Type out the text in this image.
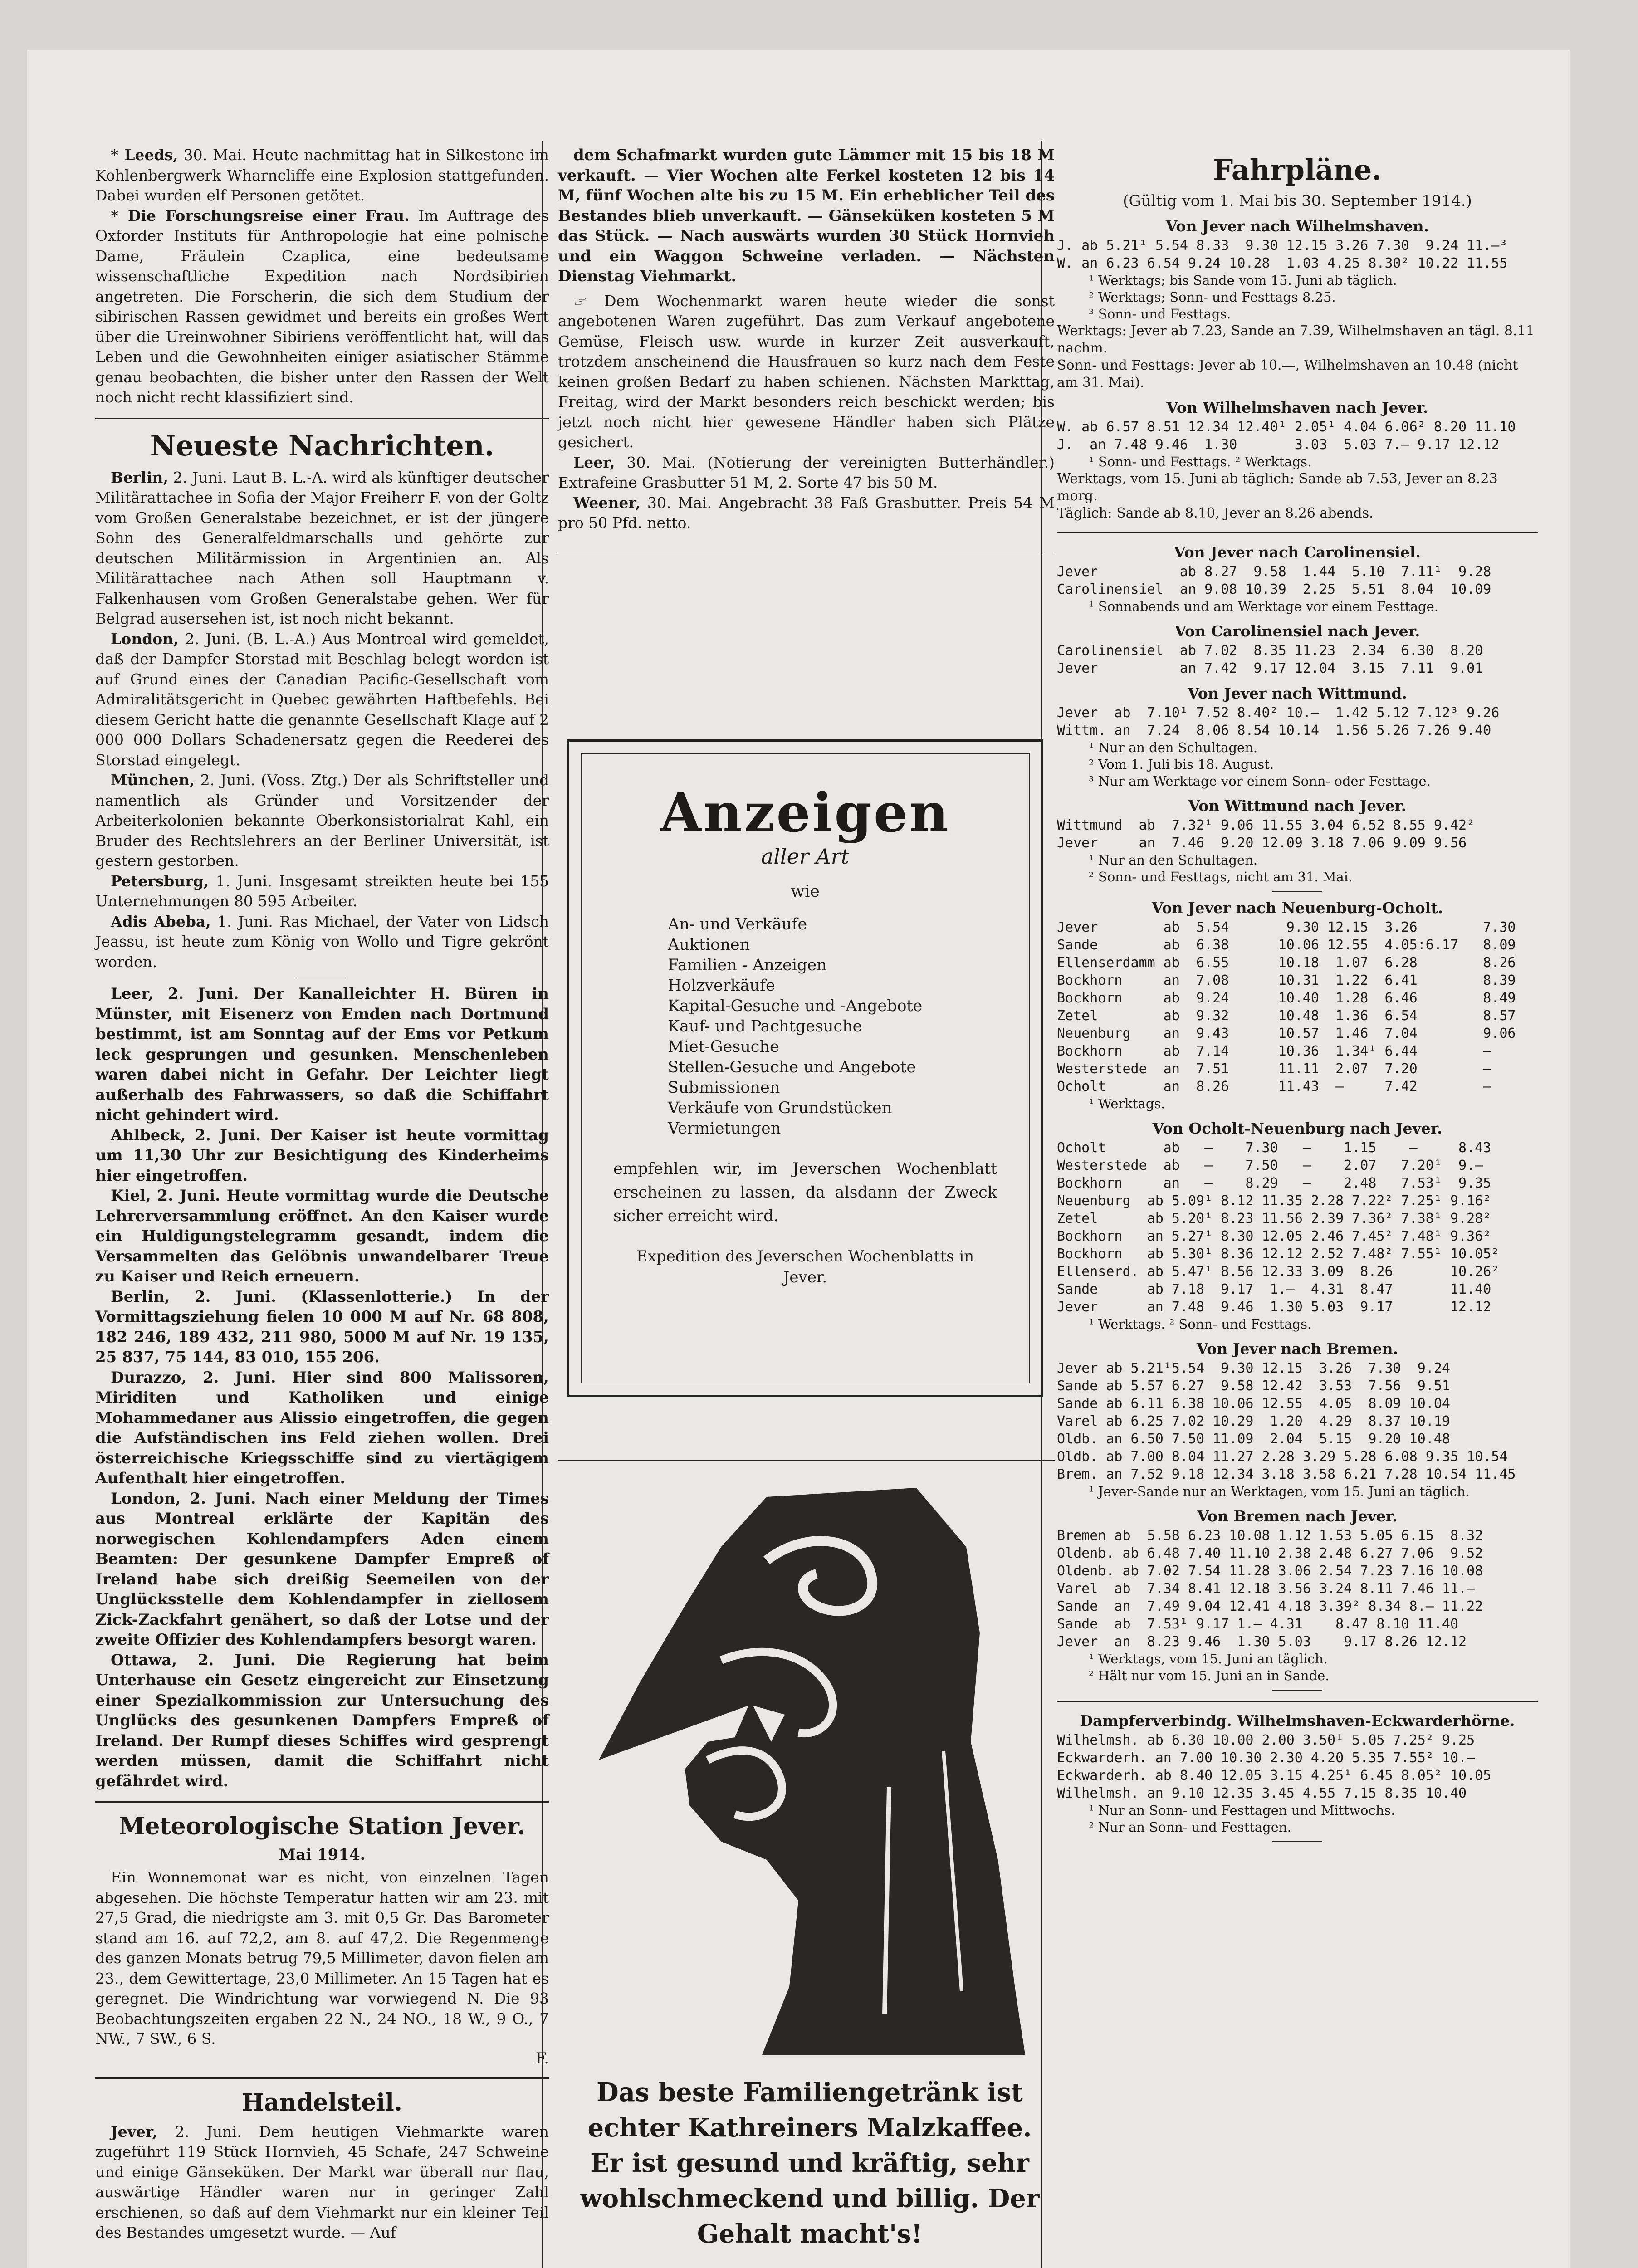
* Leeds, 30. Mai. Heute nachmittag hat in Silkestone im Kohlenbergwerk Wharncliffe eine Explosion stattgefunden. Dabei wurden elf Personen getötet.

* Die Forschungsreise einer Frau. Im Auftrage des Oxforder Instituts für Anthropologie hat eine polnische Dame, Fräulein Czaplica, eine bedeutsame wissenschaftliche Expedition nach Nordsibirien angetreten. Die Forscherin, die sich dem Studium der sibirischen Rassen gewidmet und bereits ein großes Wert über die Ureinwohner Sibiriens veröffentlicht hat, will das Leben und die Gewohnheiten einiger asiatischer Stämme genau beobachten, die bisher unter den Rassen der Welt noch nicht recht klassifiziert sind.

Neueste Nachrichten.

Berlin, 2. Juni. Laut B. L.-A. wird als künftiger deutscher Militärattachee in Sofia der Major Freiherr F. von der Goltz vom Großen Generalstabe bezeichnet, er ist der jüngere Sohn des Generalfeldmarschalls und gehörte zur deutschen Militärmission in Argentinien an. Als Militärattachee nach Athen soll Hauptmann v. Falkenhausen vom Großen Generalstabe gehen. Wer für Belgrad ausersehen ist, ist noch nicht bekannt.

London, 2. Juni. (B. L.-A.) Aus Montreal wird gemeldet, daß der Dampfer Storstad mit Beschlag belegt worden ist auf Grund eines der Canadian Pacific-Gesellschaft vom Admiralitätsgericht in Quebec gewährten Haftbefehls. Bei diesem Gericht hatte die genannte Gesellschaft Klage auf 2 000 000 Dollars Schadenersatz gegen die Reederei des Storstad eingelegt.

München, 2. Juni. (Voss. Ztg.) Der als Schriftsteller und namentlich als Gründer und Vorsitzender der Arbeiterkolonien bekannte Oberkonsistorialrat Kahl, ein Bruder des Rechtslehrers an der Berliner Universität, ist gestern gestorben.

Petersburg, 1. Juni. Insgesamt streikten heute bei 155 Unternehmungen 80 595 Arbeiter.

Adis Abeba, 1. Juni. Ras Michael, der Vater von Lidsch Jeassu, ist heute zum König von Wollo und Tigre gekrönt worden.

Leer, 2. Juni. Der Kanalleichter H. Büren in Münster, mit Eisenerz von Emden nach Dortmund bestimmt, ist am Sonntag auf der Ems vor Petkum leck gesprungen und gesunken. Menschenleben waren dabei nicht in Gefahr. Der Leichter liegt außerhalb des Fahrwassers, so daß die Schiffahrt nicht gehindert wird.

Ahlbeck, 2. Juni. Der Kaiser ist heute vormittag um 11,30 Uhr zur Besichtigung des Kinderheims hier eingetroffen.

Kiel, 2. Juni. Heute vormittag wurde die Deutsche Lehrerversammlung eröffnet. An den Kaiser wurde ein Huldigungstelegramm gesandt, indem die Versammelten das Gelöbnis unwandelbarer Treue zu Kaiser und Reich erneuern.

Berlin, 2. Juni. (Klassenlotterie.) In der Vormittagsziehung fielen 10 000 M auf Nr. 68 808, 182 246, 189 432, 211 980, 5000 M auf Nr. 19 135, 25 837, 75 144, 83 010, 155 206.

Durazzo, 2. Juni. Hier sind 800 Malissoren, Miriditen und Katholiken und einige Mohammedaner aus Alissio eingetroffen, die gegen die Aufständischen ins Feld ziehen wollen. Drei österreichische Kriegsschiffe sind zu viertägigem Aufenthalt hier eingetroffen.

London, 2. Juni. Nach einer Meldung der Times aus Montreal erklärte der Kapitän des norwegischen Kohlendampfers Aden einem Beamten: Der gesunkene Dampfer Empreß of Ireland habe sich dreißig Seemeilen von der Unglücksstelle dem Kohlendampfer in ziellosem Zick-Zackfahrt genähert, so daß der Lotse und der zweite Offizier des Kohlendampfers besorgt waren.

Ottawa, 2. Juni. Die Regierung hat beim Unterhause ein Gesetz eingereicht zur Einsetzung einer Spezialkommission zur Untersuchung des Unglücks des gesunkenen Dampfers Empreß of Ireland. Der Rumpf dieses Schiffes wird gesprengt werden müssen, damit die Schiffahrt nicht gefährdet wird.

Meteorologische Station Jever.
Mai 1914.

Ein Wonnemonat war es nicht, von einzelnen Tagen abgesehen. Die höchste Temperatur hatten wir am 23. mit 27,5 Grad, die niedrigste am 3. mit 0,5 Gr. Das Barometer stand am 16. auf 72,2, am 8. auf 47,2. Die Regenmenge des ganzen Monats betrug 79,5 Millimeter, davon fielen am 23., dem Gewittertage, 23,0 Millimeter. An 15 Tagen hat es geregnet. Die Windrichtung war vorwiegend N. Die 93 Beobachtungszeiten ergaben 22 N., 24 NO., 18 W., 9 O., 7 NW., 7 SW., 6 S.

F.

Handelsteil.

Jever, 2. Juni. Dem heutigen Viehmarkte waren zugeführt 119 Stück Hornvieh, 45 Schafe, 247 Schweine und einige Gänseküken. Der Markt war überall nur flau, auswärtige Händler waren nur in geringer Zahl erschienen, so daß auf dem Viehmarkt nur ein kleiner Teil des Bestandes umgesetzt wurde. — Auf

dem Schafmarkt wurden gute Lämmer mit 15 bis 18 M verkauft. — Vier Wochen alte Ferkel kosteten 12 bis 14 M, fünf Wochen alte bis zu 15 M. Ein erheblicher Teil des Bestandes blieb unverkauft. — Gänseküken kosteten 5 M das Stück. — Nach auswärts wurden 30 Stück Hornvieh und ein Waggon Schweine verladen. — Nächsten Dienstag Viehmarkt.

☞ Dem Wochenmarkt waren heute wieder die sonst angebotenen Waren zugeführt. Das zum Verkauf angebotene Gemüse, Fleisch usw. wurde in kurzer Zeit ausverkauft, trotzdem anscheinend die Hausfrauen so kurz nach dem Feste keinen großen Bedarf zu haben schienen. Nächsten Markttag, Freitag, wird der Markt besonders reich beschickt werden; bis jetzt noch nicht hier gewesene Händler haben sich Plätze gesichert.

Leer, 30. Mai. (Notierung der vereinigten Butterhändler.) Extrafeine Grasbutter 51 M, 2. Sorte 47 bis 50 M.

Weener, 30. Mai. Angebracht 38 Faß Grasbutter. Preis 54 M pro 50 Pfd. netto.

Anzeigen

aller Art

wie

An- und Verkäufe
Auktionen
Familien - Anzeigen
Holzverkäufe
Kapital-Gesuche und -Angebote
Kauf- und Pachtgesuche
Miet-Gesuche
Stellen-Gesuche und Angebote
Submissionen
Verkäufe von Grundstücken
Vermietungen

empfehlen wir, im Jeverschen Wochenblatt erscheinen zu lassen, da alsdann der Zweck sicher erreicht wird.

Expedition des Jeverschen Wochenblatts in Jever.

Das beste Familiengetränk ist echter Kathreiners Malzkaffee. Er ist gesund und kräftig, sehr wohlschmeckend und billig. Der Gehalt macht's!

Fahrpläne.
(Gültig vom 1. Mai bis 30. September 1914.)
Von Jever nach Wilhelmshaven.
J. ab 5.21¹ 5.54 8.33  9.30 12.15 3.26 7.30  9.24 11.—³
W. an 6.23 6.54 9.24 10.28  1.03 4.25 8.30² 10.22 11.55
¹ Werktags; bis Sande vom 15. Juni ab täglich.
² Werktags; Sonn- und Festtags 8.25.
³ Sonn- und Festtags.
Werktags: Jever ab 7.23, Sande an 7.39, Wilhelmshaven an tägl. 8.11 nachm.
Sonn- und Festtags: Jever ab 10.—, Wilhelmshaven an 10.48 (nicht am 31. Mai).
Von Wilhelmshaven nach Jever.
W. ab 6.57 8.51 12.34 12.40¹ 2.05¹ 4.04 6.06² 8.20 11.10
J.  an 7.48 9.46  1.30       3.03  5.03 7.— 9.17 12.12
¹ Sonn- und Festtags. ² Werktags.
Werktags, vom 15. Juni ab täglich: Sande ab 7.53, Jever an 8.23 morg.
Täglich: Sande ab 8.10, Jever an 8.26 abends.
Von Jever nach Carolinensiel.
Jever          ab 8.27  9.58  1.44  5.10  7.11¹  9.28
Carolinensiel  an 9.08 10.39  2.25  5.51  8.04  10.09
¹ Sonnabends und am Werktage vor einem Festtage.
Von Carolinensiel nach Jever.
Carolinensiel  ab 7.02  8.35 11.23  2.34  6.30  8.20
Jever          an 7.42  9.17 12.04  3.15  7.11  9.01
Von Jever nach Wittmund.
Jever  ab  7.10¹ 7.52 8.40² 10.—  1.42 5.12 7.12³ 9.26
Wittm. an  7.24  8.06 8.54 10.14  1.56 5.26 7.26 9.40
¹ Nur an den Schultagen.
² Vom 1. Juli bis 18. August.
³ Nur am Werktage vor einem Sonn- oder Festtage.
Von Wittmund nach Jever.
Wittmund  ab  7.32¹ 9.06 11.55 3.04 6.52 8.55 9.42²
Jever     an  7.46  9.20 12.09 3.18 7.06 9.09 9.56
¹ Nur an den Schultagen.
² Sonn- und Festtags, nicht am 31. Mai.
Von Jever nach Neuenburg-Ocholt.
Jever        ab  5.54       9.30 12.15  3.26        7.30
Sande        ab  6.38      10.06 12.55  4.05:6.17   8.09
Ellenserdamm ab  6.55      10.18  1.07  6.28        8.26
Bockhorn     an  7.08      10.31  1.22  6.41        8.39
Bockhorn     ab  9.24      10.40  1.28  6.46        8.49
Zetel        ab  9.32      10.48  1.36  6.54        8.57
Neuenburg    an  9.43      10.57  1.46  7.04        9.06
Bockhorn     ab  7.14      10.36  1.34¹ 6.44        —
Westerstede  an  7.51      11.11  2.07  7.20        —
Ocholt       an  8.26      11.43  —     7.42        —
¹ Werktags.
Von Ocholt-Neuenburg nach Jever.
Ocholt       ab   —    7.30   —    1.15    —     8.43
Westerstede  ab   —    7.50   —    2.07   7.20¹  9.—
Bockhorn     an   —    8.29   —    2.48   7.53¹  9.35
Neuenburg  ab 5.09¹ 8.12 11.35 2.28 7.22² 7.25¹ 9.16²
Zetel      ab 5.20¹ 8.23 11.56 2.39 7.36² 7.38¹ 9.28²
Bockhorn   an 5.27¹ 8.30 12.05 2.46 7.45² 7.48¹ 9.36²
Bockhorn   ab 5.30¹ 8.36 12.12 2.52 7.48² 7.55¹ 10.05²
Ellenserd. ab 5.47¹ 8.56 12.33 3.09  8.26       10.26²
Sande      ab 7.18  9.17  1.—  4.31  8.47       11.40
Jever      an 7.48  9.46  1.30 5.03  9.17       12.12
¹ Werktags. ² Sonn- und Festtags.
Von Jever nach Bremen.
Jever ab 5.21¹5.54  9.30 12.15  3.26  7.30  9.24
Sande ab 5.57 6.27  9.58 12.42  3.53  7.56  9.51
Sande ab 6.11 6.38 10.06 12.55  4.05  8.09 10.04
Varel ab 6.25 7.02 10.29  1.20  4.29  8.37 10.19
Oldb. an 6.50 7.50 11.09  2.04  5.15  9.20 10.48
Oldb. ab 7.00 8.04 11.27 2.28 3.29 5.28 6.08 9.35 10.54
Brem. an 7.52 9.18 12.34 3.18 3.58 6.21 7.28 10.54 11.45
¹ Jever-Sande nur an Werktagen, vom 15. Juni an täglich.
Von Bremen nach Jever.
Bremen ab  5.58 6.23 10.08 1.12 1.53 5.05 6.15  8.32
Oldenb. ab 6.48 7.40 11.10 2.38 2.48 6.27 7.06  9.52
Oldenb. ab 7.02 7.54 11.28 3.06 2.54 7.23 7.16 10.08
Varel  ab  7.34 8.41 12.18 3.56 3.24 8.11 7.46 11.—
Sande  an  7.49 9.04 12.41 4.18 3.39² 8.34 8.— 11.22
Sande  ab  7.53¹ 9.17 1.— 4.31    8.47 8.10 11.40
Jever  an  8.23 9.46  1.30 5.03    9.17 8.26 12.12
¹ Werktags, vom 15. Juni an täglich.
² Hält nur vom 15. Juni an in Sande.
Dampferverbindg. Wilhelmshaven-Eckwarderhörne.
Wilhelmsh. ab 6.30 10.00 2.00 3.50¹ 5.05 7.25² 9.25
Eckwarderh. an 7.00 10.30 2.30 4.20 5.35 7.55² 10.—
Eckwarderh. ab 8.40 12.05 3.15 4.25¹ 6.45 8.05² 10.05
Wilhelmsh. an 9.10 12.35 3.45 4.55 7.15 8.35 10.40
¹ Nur an Sonn- und Festtagen und Mittwochs.
² Nur an Sonn- und Festtagen.
